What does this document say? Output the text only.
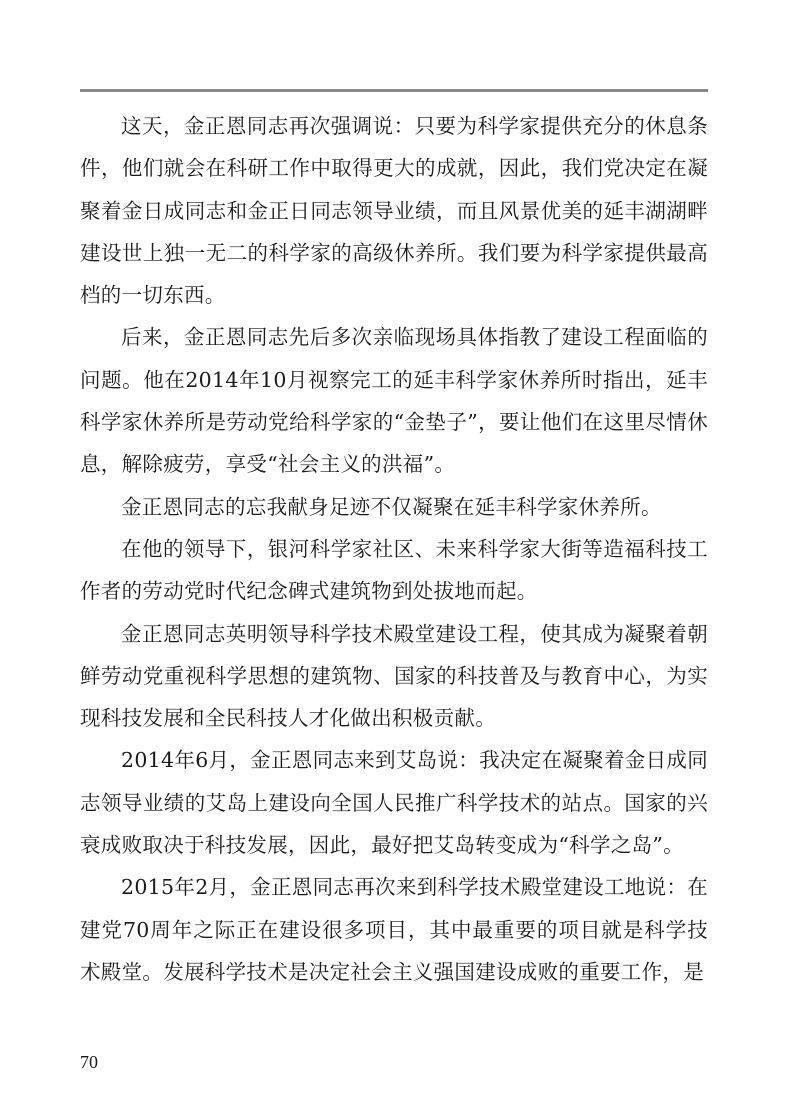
这天，金正恩同志再次强调说：只要为科学家提供充分的休息条件，他们就会在科研工作中取得更大的成就，因此，我们党决定在凝聚着金日成同志和金正日同志领导业绩，而且风景优美的延丰湖湖畔建设世上独一无二的科学家的高级休养所。我们要为科学家提供最高档的一切东西。

后来，金正恩同志先后多次亲临现场具体指教了建设工程面临的问题。他在2014年10月视察完工的延丰科学家休养所时指出，延丰科学家休养所是劳动党给科学家的“金垫子”，要让他们在这里尽情休息，解除疲劳，享受“社会主义的洪福”。

金正恩同志的忘我献身足迹不仅凝聚在延丰科学家休养所。

在他的领导下，银河科学家社区、未来科学家大街等造福科技工作者的劳动党时代纪念碑式建筑物到处拔地而起。

金正恩同志英明领导科学技术殿堂建设工程，使其成为凝聚着朝鲜劳动党重视科学思想的建筑物、国家的科技普及与教育中心，为实现科技发展和全民科技人才化做出积极贡献。

2014年6月，金正恩同志来到艾岛说：我决定在凝聚着金日成同志领导业绩的艾岛上建设向全国人民推广科学技术的站点。国家的兴衰成败取决于科技发展，因此，最好把艾岛转变成为“科学之岛”。

2015年2月，金正恩同志再次来到科学技术殿堂建设工地说：在建党70周年之际正在建设很多项目，其中最重要的项目就是科学技术殿堂。发展科学技术是决定社会主义强国建设成败的重要工作，是

70
